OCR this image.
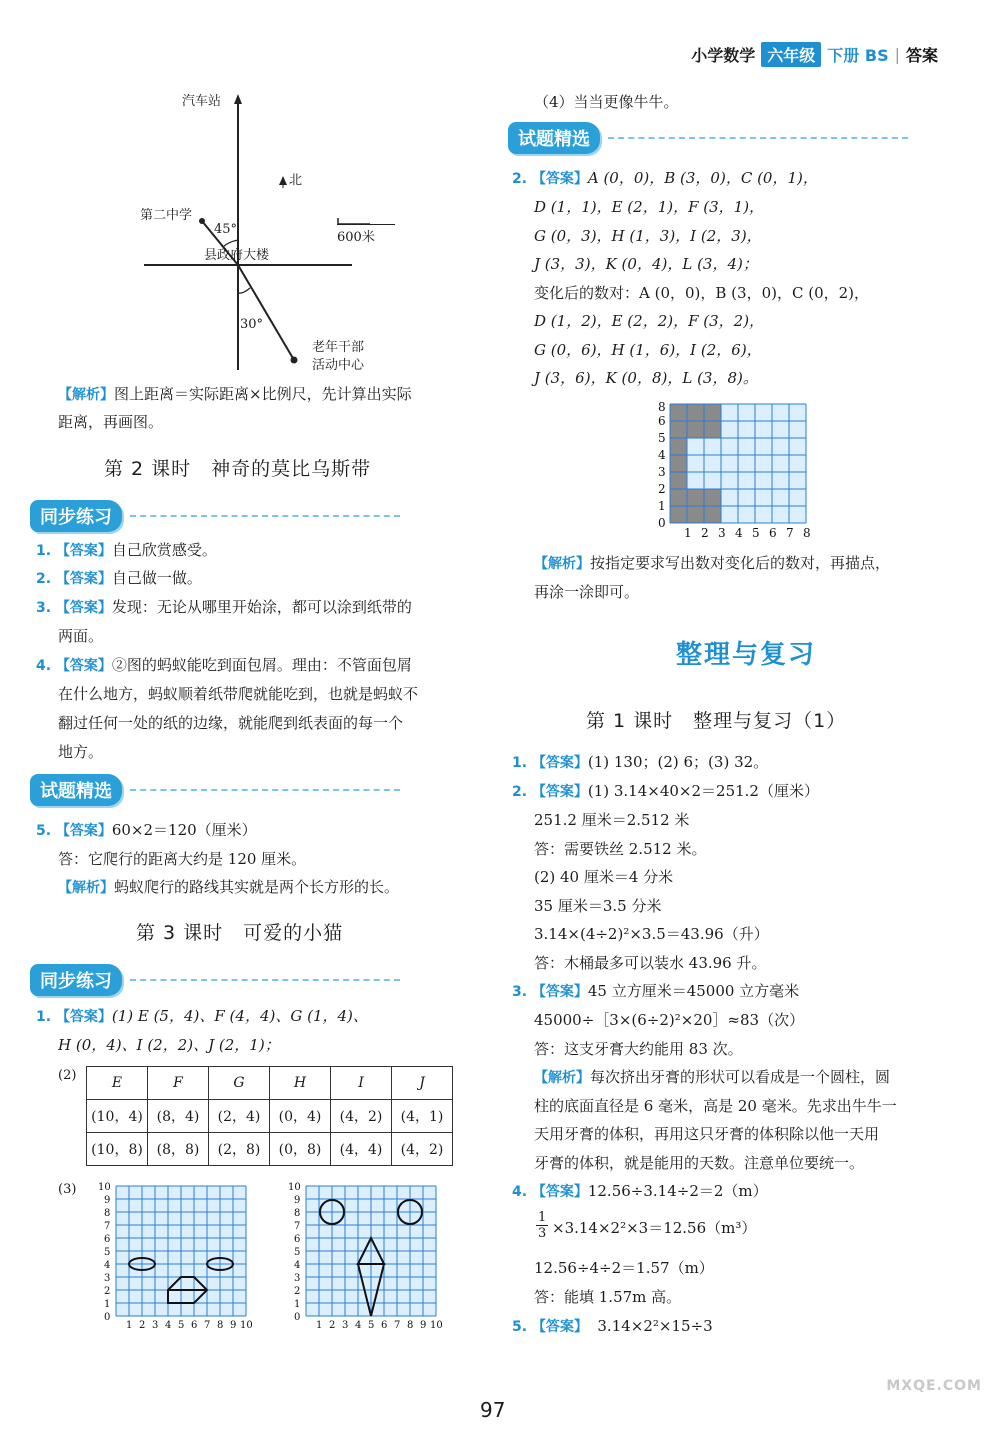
小学数学 六年级 下册 BS | 答案
汽车站
第二中学
北
600米
45°
县政府大楼
30°
老年干部
活动中心
【解析】图上距离＝实际距离×比例尺，先计算出实际
距离，再画图。
第 2 课时　神奇的莫比乌斯带
同步练习
1. 【答案】自己欣赏感受。
2. 【答案】自己做一做。
3. 【答案】发现：无论从哪里开始涂，都可以涂到纸带的
两面。
4. 【答案】②图的蚂蚁能吃到面包屑。理由：不管面包屑
在什么地方，蚂蚁顺着纸带爬就能吃到，也就是蚂蚁不
翻过任何一处的纸的边缘，就能爬到纸表面的每一个
地方。
试题精选
5. 【答案】60×2＝120（厘米）
答：它爬行的距离大约是 120 厘米。
【解析】蚂蚁爬行的路线其实就是两个长方形的长。
第 3 课时　可爱的小猫
同步练习
1. 【答案】(1) E (5，4)、F (4，4)、G (1，4)、
H (0，4)、I (2，2)、J (2，1)；
(2)	E	F	G	H	I	J
(10，4)	(8，4)	(2，4)	(0，4)	(4，2)	(4，1)
(10，8)	(8，8)	(2，8)	(0，8)	(4，4)	(4，2)
(3)
0
1
2
3
4
5
6
7
8
9
10
1 2 3 4 5 6 7 8 9 10
0
1
2
3
4
5
6
7
8
9
10
1 2 3 4 5 6 7 8 9 10
（4）当当更像牛牛。
试题精选
2. 【答案】A (0，0)，B (3，0)，C (0，1)，
D (1，1)，E (2，1)，F (3，1)，
G (0，3)，H (1，3)，I (2，3)，
J (3，3)，K (0，4)，L (3，4)；
变化后的数对：A (0，0)，B (3，0)，C (0，2)，
D (1，2)，E (2，2)，F (3，2)，
G (0，6)，H (1，6)，I (2，6)，
J (3，6)，K (0，8)，L (3，8)。
0
1
2
3
4
5
6
8
1 2 3 4 5 6 7 8
【解析】按指定要求写出数对变化后的数对，再描点，
再涂一涂即可。
整理与复习
第 1 课时　整理与复习（1）
1. 【答案】(1) 130；(2) 6；(3) 32。
2. 【答案】(1) 3.14×40×2＝251.2（厘米）
251.2 厘米＝2.512 米
答：需要铁丝 2.512 米。
(2) 40 厘米＝4 分米
35 厘米＝3.5 分米
3.14×(4÷2)²×3.5＝43.96（升）
答：木桶最多可以装水 43.96 升。
3. 【答案】45 立方厘米＝45000 立方毫米
45000÷［3×(6÷2)²×20］≈83（次）
答：这支牙膏大约能用 83 次。
【解析】每次挤出牙膏的形状可以看成是一个圆柱，圆
柱的底面直径是 6 毫米，高是 20 毫米。先求出牛牛一
天用牙膏的体积，再用这只牙膏的体积除以他一天用
牙膏的体积，就是能用的天数。注意单位要统一。
4. 【答案】12.56÷3.14÷2＝2（m）
$\frac{1}{3} \times 3.14\times 2^2\times 3=12.56(m^3)$
12.56÷4÷2＝1.57（m）
答：能填 1.57m 高。
5. 【答案】 3.14×2²×15÷3
97
MXQE.COM
